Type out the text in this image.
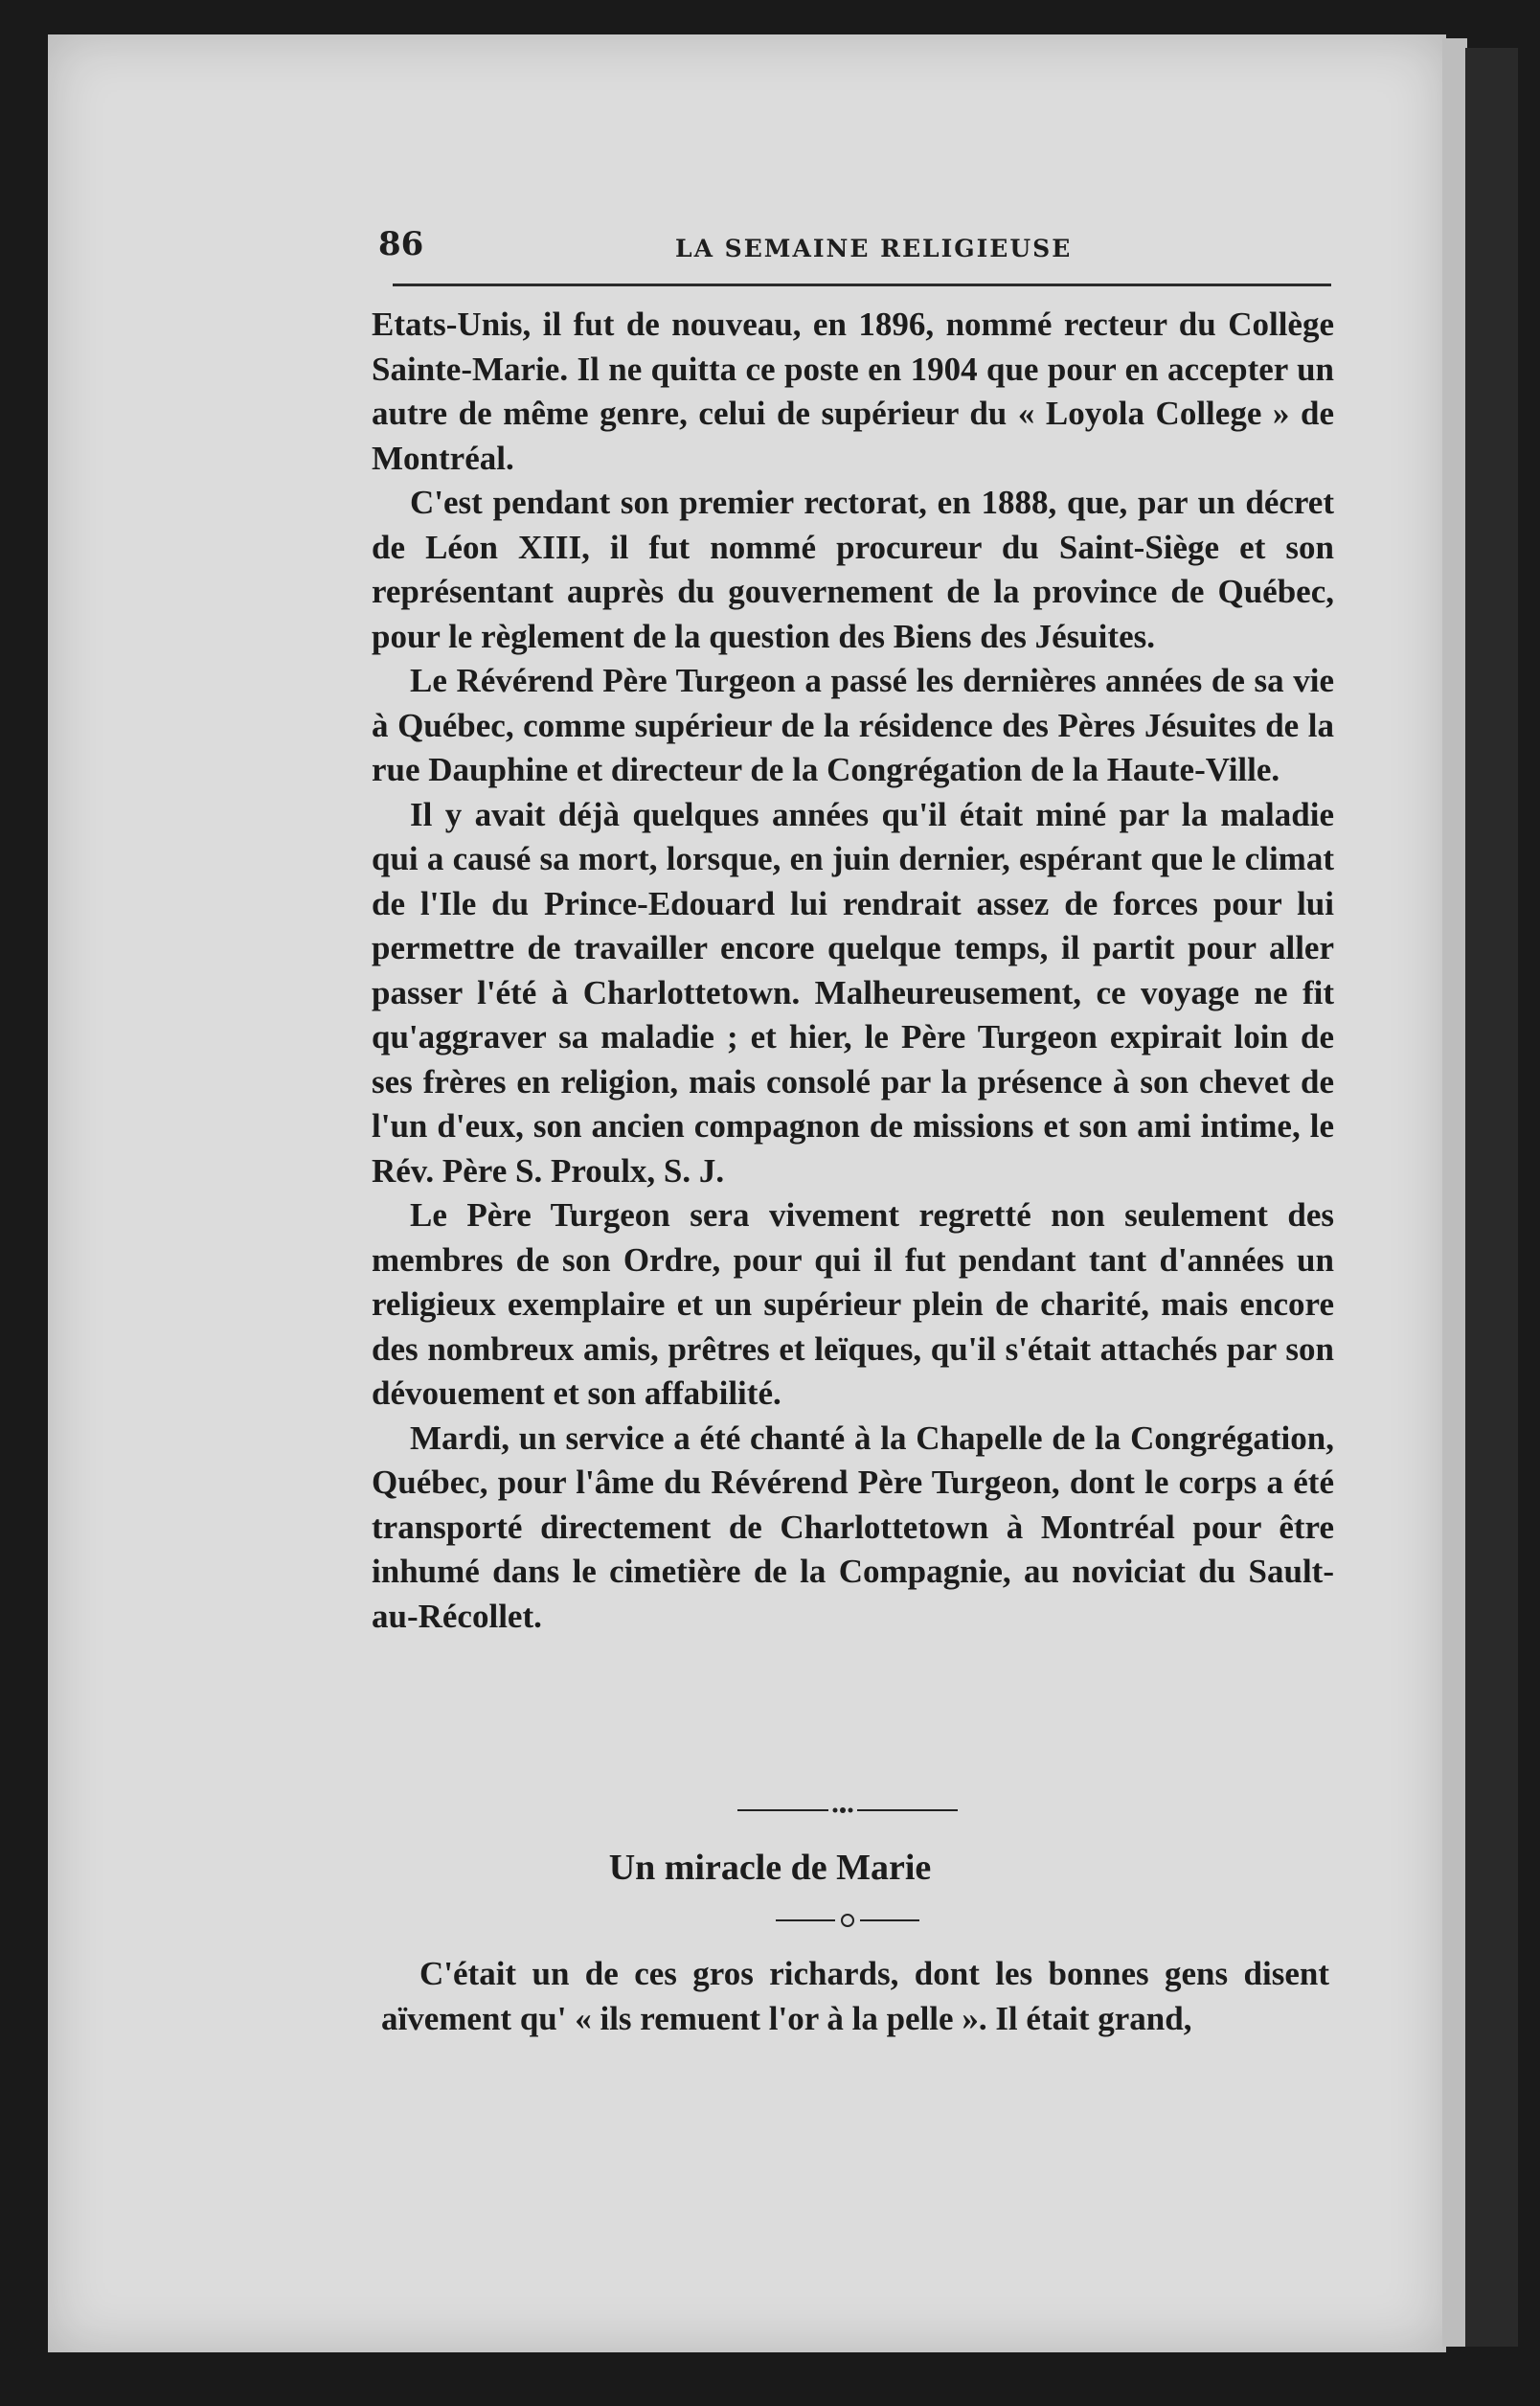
86	LA SEMAINE RELIGIEUSE

Etats-Unis, il fut de nouveau, en 1896, nommé recteur du Collège Sainte-Marie. Il ne quitta ce poste en 1904 que pour en accepter un autre de même genre, celui de supérieur du « Loyola College » de Montréal.

C'est pendant son premier rectorat, en 1888, que, par un décret de Léon XIII, il fut nommé procureur du Saint-Siège et son représentant auprès du gouvernement de la province de Québec, pour le règlement de la question des Biens des Jésuites.

Le Révérend Père Turgeon a passé les dernières années de sa vie à Québec, comme supérieur de la résidence des Pères Jésuites de la rue Dauphine et directeur de la Congrégation de la Haute-Ville.

Il y avait déjà quelques années qu'il était miné par la maladie qui a causé sa mort, lorsque, en juin dernier, espérant que le climat de l'Ile du Prince-Edouard lui rendrait assez de forces pour lui permettre de travailler encore quelque temps, il partit pour aller passer l'été à Charlottetown. Malheureusement, ce voyage ne fit qu'aggraver sa maladie ; et hier, le Père Turgeon expirait loin de ses frères en religion, mais consolé par la présence à son chevet de l'un d'eux, son ancien compagnon de missions et son ami intime, le Rév. Père S. Proulx, S. J.

Le Père Turgeon sera vivement regretté non seulement des membres de son Ordre, pour qui il fut pendant tant d'années un religieux exemplaire et un supérieur plein de charité, mais encore des nombreux amis, prêtres et leïques, qu'il s'était attachés par son dévouement et son affabilité.

Mardi, un service a été chanté à la Chapelle de la Congrégation, Québec, pour l'âme du Révérend Père Turgeon, dont le corps a été transporté directement de Charlottetown à Montréal pour être inhumé dans le cimetière de la Compagnie, au noviciat du Sault-au-Récollet.

Un miracle de Marie

C'était un de ces gros richards, dont les bonnes gens disent aïvement qu' « ils remuent l'or à la pelle ». Il était grand,
